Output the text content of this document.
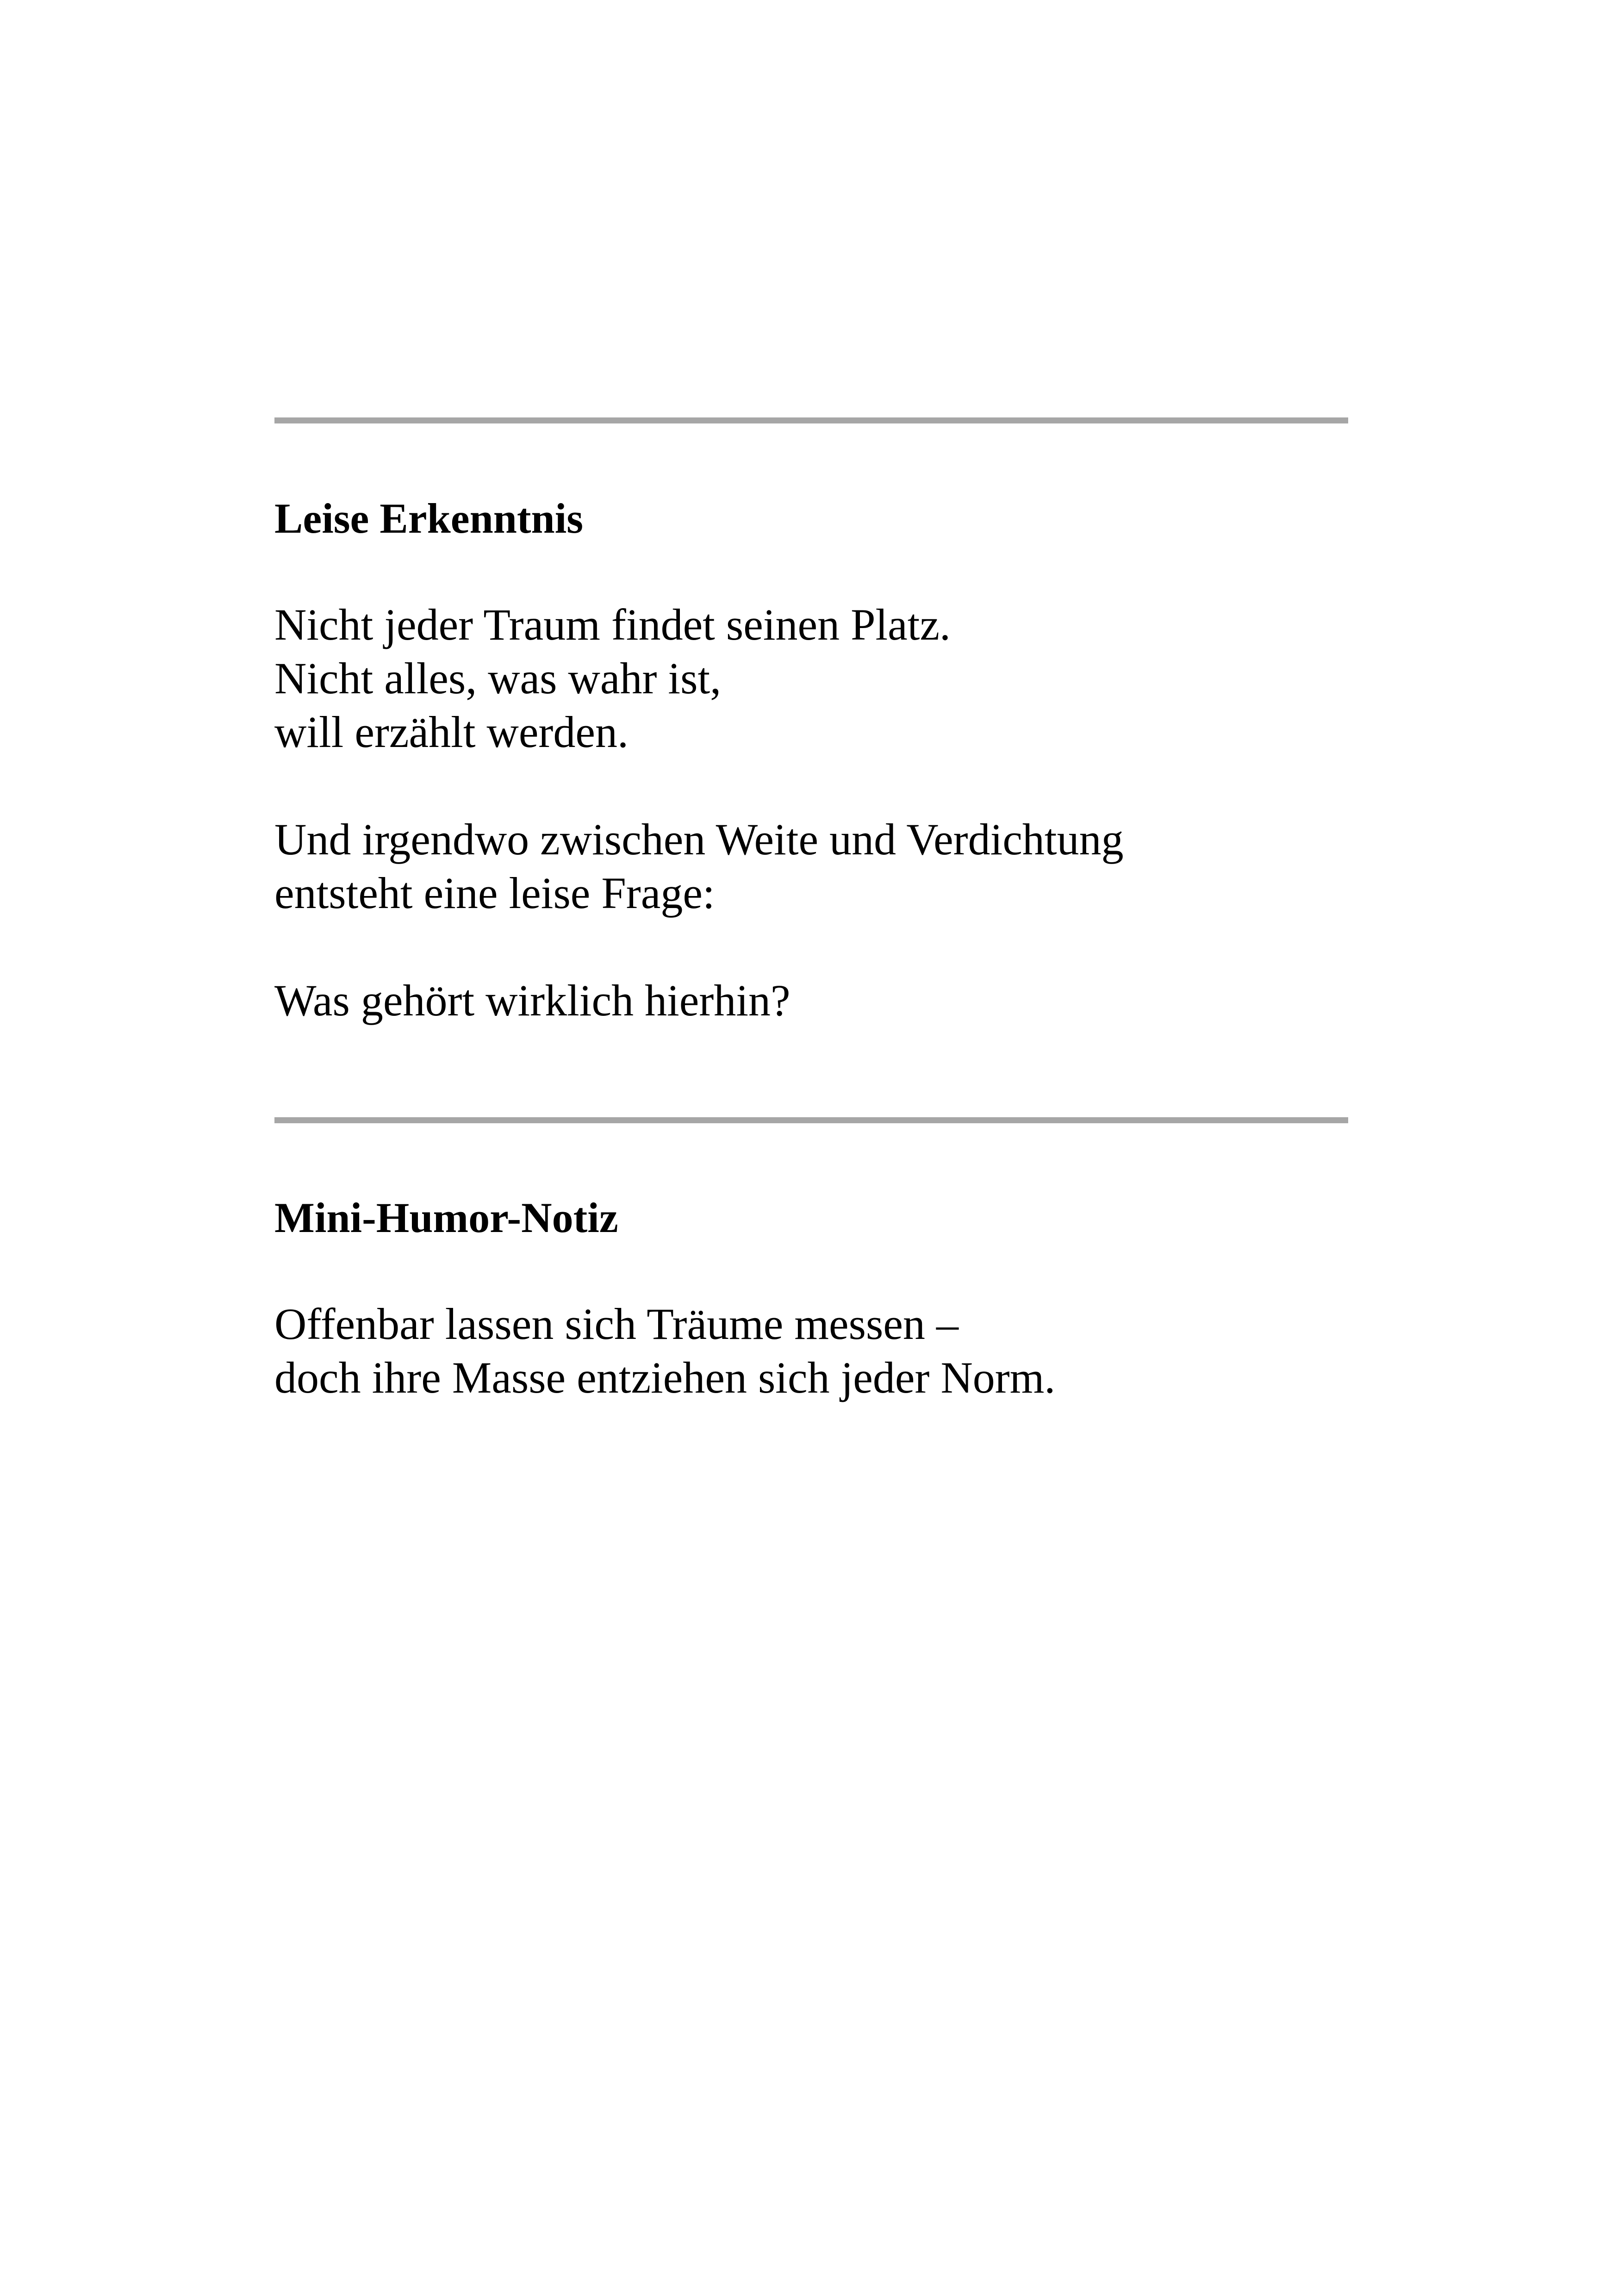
Leise Erkenntnis

Nicht jeder Traum findet seinen Platz.
Nicht alles, was wahr ist,
will erzählt werden.

Und irgendwo zwischen Weite und Verdichtung
entsteht eine leise Frage:

Was gehört wirklich hierhin?

Mini-Humor-Notiz

Offenbar lassen sich Träume messen –
doch ihre Masse entziehen sich jeder Norm.
